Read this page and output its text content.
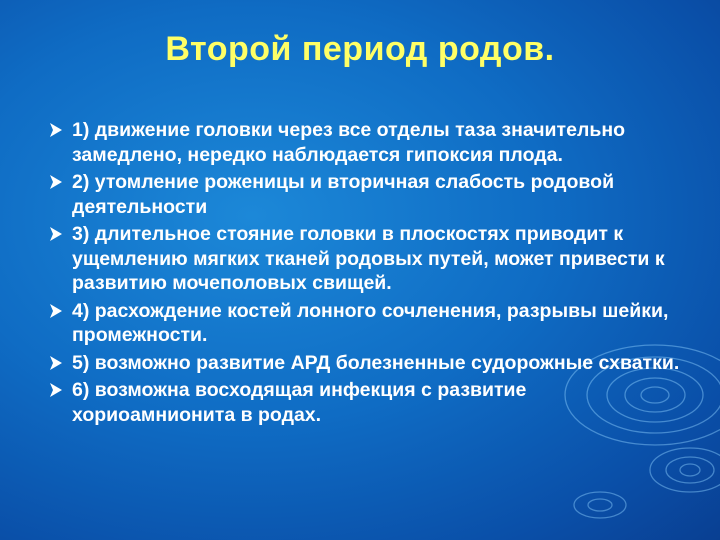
Второй период родов.
1) движение головки через все отделы таза значительно замедлено, нередко наблюдается гипоксия плода.
2) утомление роженицы и вторичная слабость родовой деятельности
3) длительное стояние головки в плоскостях приводит к ущемлению мягких тканей родовых путей, может привести к развитию мочеполовых свищей.
4) расхождение костей лонного сочленения, разрывы шейки, промежности.
5) возможно развитие АРД болезненные судорожные схватки.
6) возможна восходящая инфекция с развитие хориоамнионита в родах.
